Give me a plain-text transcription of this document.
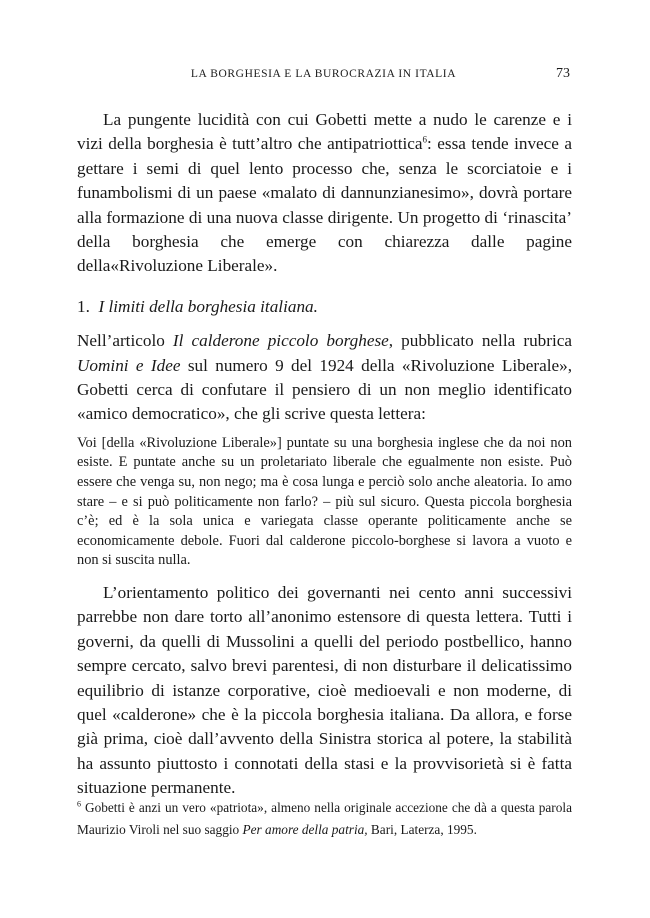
LA BORGHESIA E LA BUROCRAZIA IN ITALIA	73

La pungente lucidità con cui Gobetti mette a nudo le carenze e i vizi della borghesia è tutt’altro che antipatriottica$^6$: essa tende invece a gettare i semi di quel lento processo che, senza le scorciatoie e i funambolismi di un paese «malato di dannunzianesimo», dovrà portare alla formazione di una nuova classe dirigente. Un progetto di ‘rinascita’ della borghesia che emerge con chiarezza dalle pagine della«Rivoluzione Liberale».

1. I limiti della borghesia italiana.

Nell’articolo Il calderone piccolo borghese, pubblicato nella rubrica Uomini e Idee sul numero 9 del 1924 della «Rivoluzione Liberale», Gobetti cerca di confutare il pensiero di un non meglio identificato «amico democratico», che gli scrive questa lettera:

Voi [della «Rivoluzione Liberale»] puntate su una borghesia inglese che da noi non esiste. E puntate anche su un proletariato liberale che egualmente non esiste. Può essere che venga su, non nego; ma è cosa lunga e perciò solo anche aleatoria. Io amo stare – e si può politicamente non farlo? – più sul sicuro. Questa piccola borghesia c’è; ed è la sola unica e variegata classe operante politicamente anche se economicamente debole. Fuori dal calderone piccolo-borghese si lavora a vuoto e non si suscita nulla.

L’orientamento politico dei governanti nei cento anni successivi parrebbe non dare torto all’anonimo estensore di questa lettera. Tutti i governi, da quelli di Mussolini a quelli del periodo postbellico, hanno sempre cercato, salvo brevi parentesi, di non disturbare il delicatissimo equilibrio di istanze corporative, cioè medioevali e non moderne, di quel «calderone» che è la piccola borghesia italiana. Da allora, e forse già prima, cioè dall’avvento della Sinistra storica al potere, la stabilità ha assunto piuttosto i connotati della stasi e la provvisorietà si è fatta situazione permanente.

$^6$ Gobetti è anzi un vero «patriota», almeno nella originale accezione che dà a questa parola Maurizio Viroli nel suo saggio Per amore della patria, Bari, Laterza, 1995.
